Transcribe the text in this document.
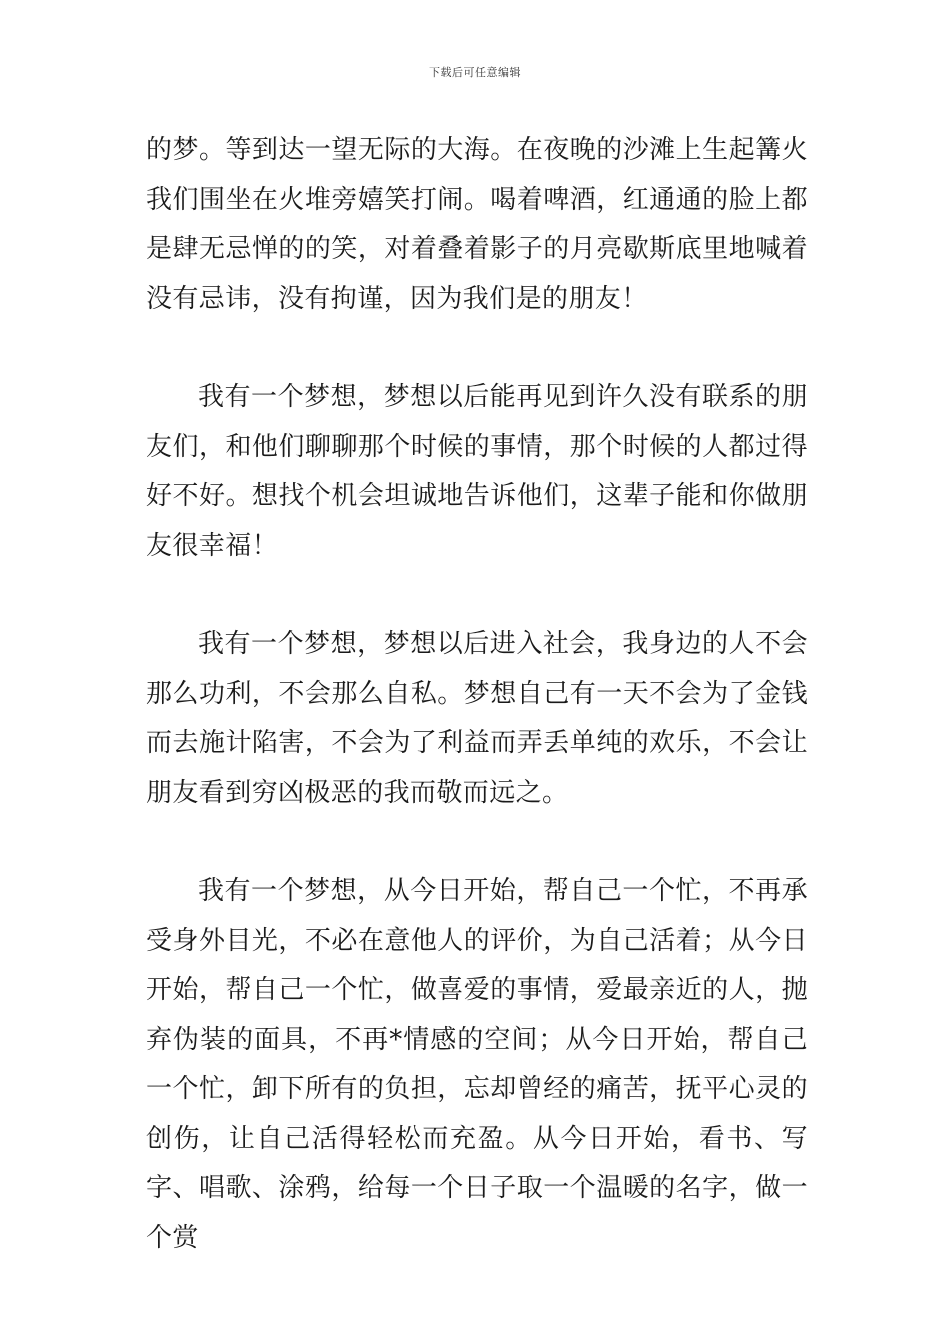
下载后可任意编辑

的梦。等到达一望无际的大海。在夜晚的沙滩上生起篝火我们围坐在火堆旁嬉笑打闹。喝着啤酒，红通通的脸上都是肆无忌惮的的笑，对着叠着影子的月亮歇斯底里地喊着没有忌讳，没有拘谨，因为我们是的朋友！

我有一个梦想，梦想以后能再见到许久没有联系的朋友们，和他们聊聊那个时候的事情，那个时候的人都过得好不好。想找个机会坦诚地告诉他们，这辈子能和你做朋友很幸福！

我有一个梦想，梦想以后进入社会，我身边的人不会那么功利，不会那么自私。梦想自己有一天不会为了金钱而去施计陷害，不会为了利益而弄丢单纯的欢乐，不会让朋友看到穷凶极恶的我而敬而远之。

我有一个梦想，从今日开始，帮自己一个忙，不再承受身外目光，不必在意他人的评价，为自己活着；从今日开始，帮自己一个忙，做喜爱的事情，爱最亲近的人，抛弃伪装的面具，不再*情感的空间；从今日开始，帮自己一个忙，卸下所有的负担，忘却曾经的痛苦，抚平心灵的创伤，让自己活得轻松而充盈。从今日开始，看书、写字、唱歌、涂鸦，给每一个日子取一个温暖的名字，做一个赏
